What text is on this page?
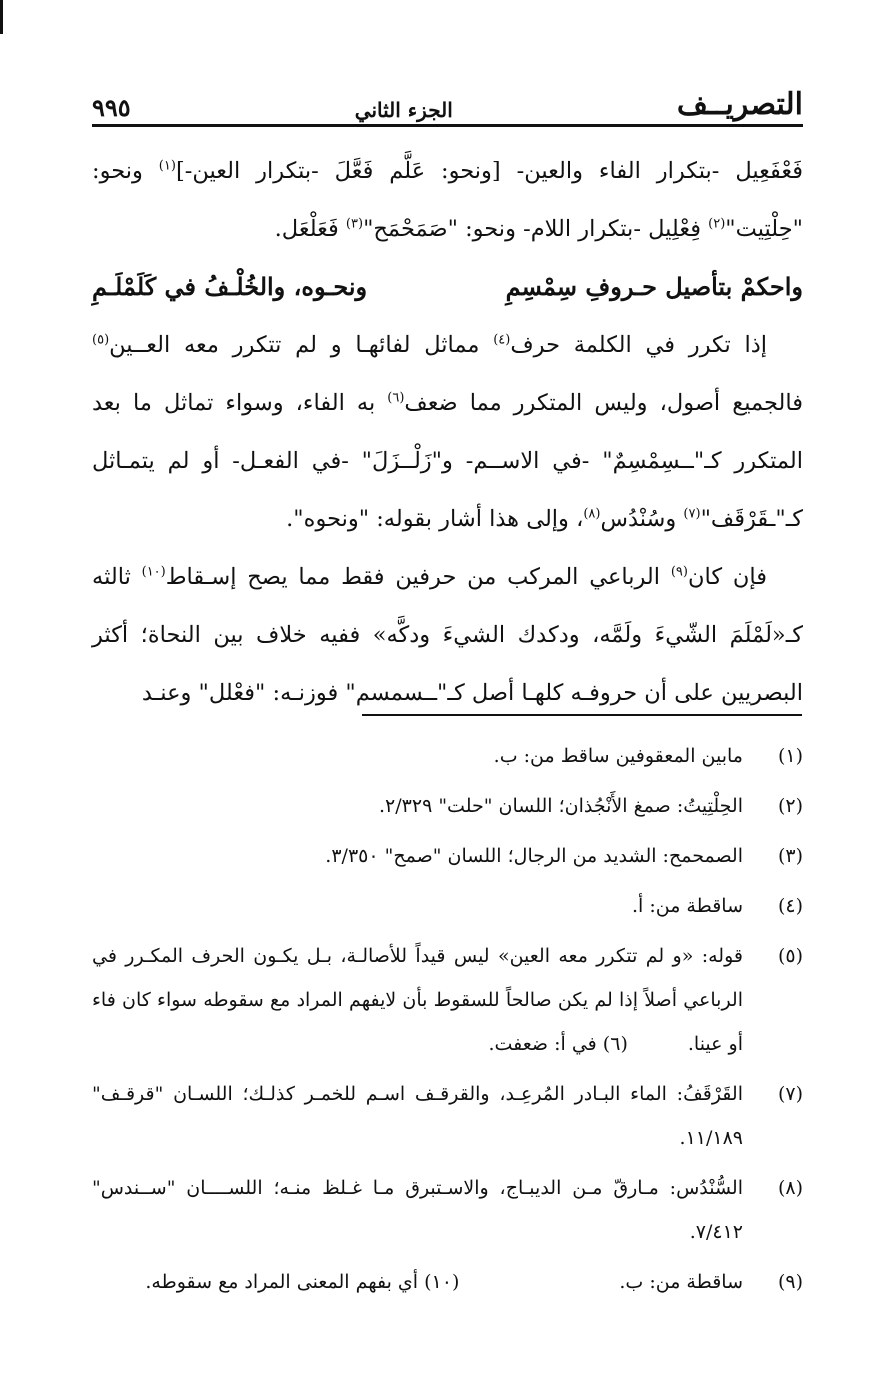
٩٩٥	الجزء الثاني	التصريــف

فَعْفَعِيل -بتكرار الفاء والعين- [ونحو: عَلَّم فَعَّلَ -بتكرار العين-]$^{(١)}$ ونحو: "حِلْتِيت"$^{(٢)}$ فِعْلِيل -بتكرار اللام- ونحو: "صَمَحْمَح"$^{(٣)}$ فَعَلْعَل.

واحكمْ بتأصيل حـروفِ سِمْسِمِ
ونحـوه، والخُلْـفُ في كَلَمْلَـمِ

إذا تكرر في الكلمة حرف$^{(٤)}$ مماثل لفائهـا و لم تتكرر معه العــين$^{(٥)}$ فالجميع أصول، وليس المتكرر مما ضعف$^{(٦)}$ به الفاء، وسواء تماثل ما بعد المتكرر كـ"ــسِمْسِمٌ" -في الاســم- و"زَلْــزَلَ" -في الفعـل- أو لم يتمـاثل كـ"ـقَرْقَف"$^{(٧)}$ وسُنْدُس$^{(٨)}$، وإلى هذا أشار بقوله: "ونحوه".

فإن كان$^{(٩)}$ الرباعي المركب من حرفين فقط مما يصح إسـقاط$^{(١٠)}$ ثالثه كـ«لَمْلَمَ الشّيءَ ولَمَّه، ودكدك الشيءَ ودكَّه» ففيه خلاف بين النحاة؛ أكثر البصريين على أن حروفـه كلهـا أصل كـ"ــسمسم" فوزنـه: "فعْلل" وعنـد

(١)
مابين المعقوفين ساقط من: ب.
(٢)
الحِلْتِيتُ: صمغ الأَنْجُذان؛ اللسان "حلت" ٢/٣٢٩.
(٣)
الصمحمح: الشديد من الرجال؛ اللسان "صمح" ٣/٣٥٠.
(٤)
ساقطة من: أ.
(٥)
قوله: «و لم تتكرر معه العين» ليس قيداً للأصالـة، بـل يكـون الحرف المكـرر في الرباعي أصلاً إذا لم يكن صالحاً للسقوط بأن لايفهم المراد مع سقوطه سواء كان فاء أو عينا.(٦) في أ: ضعفت.
(٧)
القَرْقَفُ: الماء البـادر المُرعِـد، والقرقـف اسـم للخمـر كذلـك؛ اللسـان "قرقـف" ١١/١٨٩.
(٨)
السُّنْدُس: مـارقّ مـن الديبـاج، والاسـتبرق مـا غـلظ منـه؛ اللســــان "ســندس" ٧/٤١٢.
(٩)
ساقطة من: ب.(١٠) أي بفهم المعنى المراد مع سقوطه.
